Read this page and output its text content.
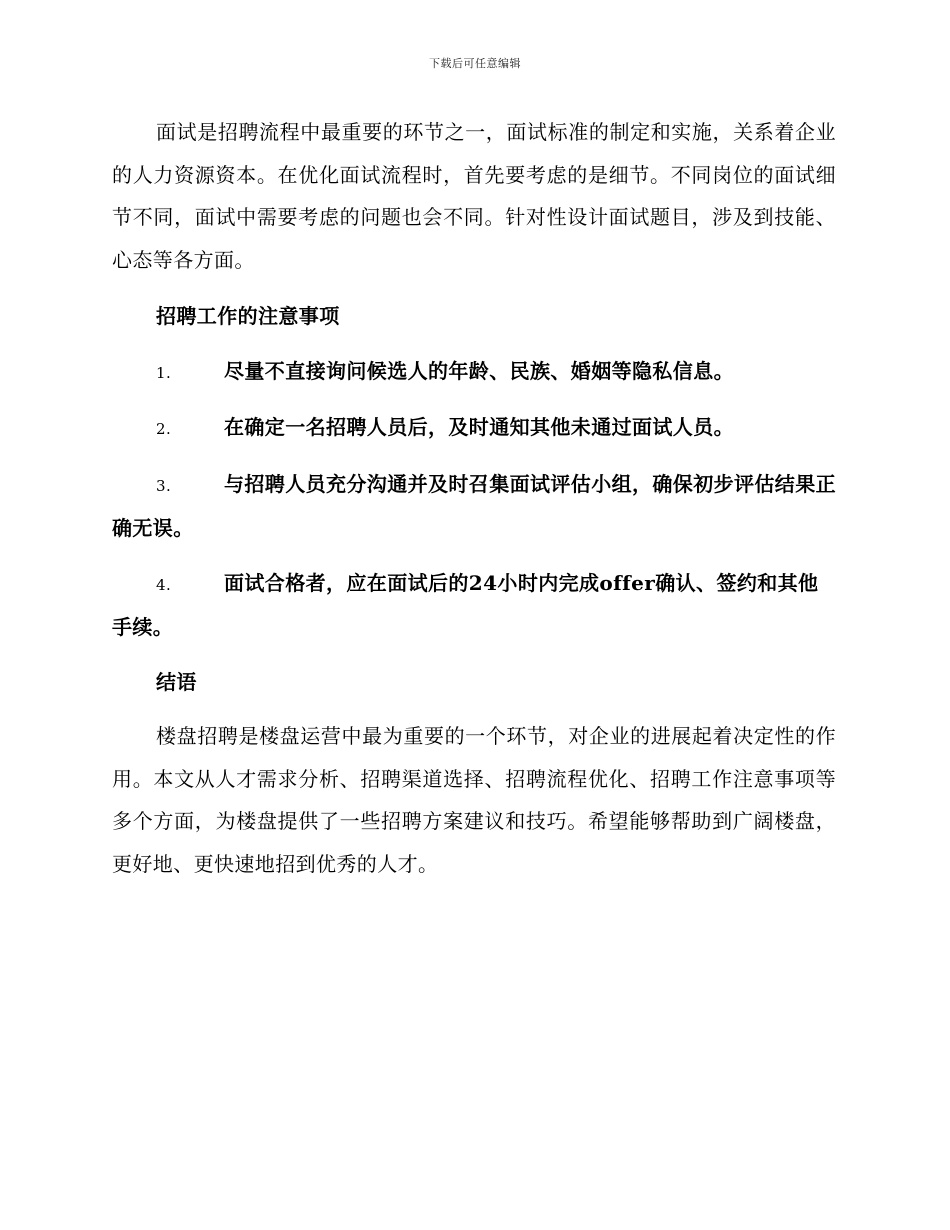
下载后可任意编辑

面试是招聘流程中最重要的环节之一，面试标准的制定和实施，关系着企业的人力资源资本。在优化面试流程时，首先要考虑的是细节。不同岗位的面试细节不同，面试中需要考虑的问题也会不同。针对性设计面试题目，涉及到技能、心态等各方面。

招聘工作的注意事项
1.	尽量不直接询问候选人的年龄、民族、婚姻等隐私信息。
2.	在确定一名招聘人员后，及时通知其他未通过面试人员。
3.	与招聘人员充分沟通并及时召集面试评估小组，确保初步评估结果正确无误。
4.	面试合格者，应在面试后的24小时内完成offer确认、签约和其他手续。
结语

楼盘招聘是楼盘运营中最为重要的一个环节，对企业的进展起着决定性的作用。本文从人才需求分析、招聘渠道选择、招聘流程优化、招聘工作注意事项等多个方面，为楼盘提供了一些招聘方案建议和技巧。希望能够帮助到广阔楼盘，更好地、更快速地招到优秀的人才。
